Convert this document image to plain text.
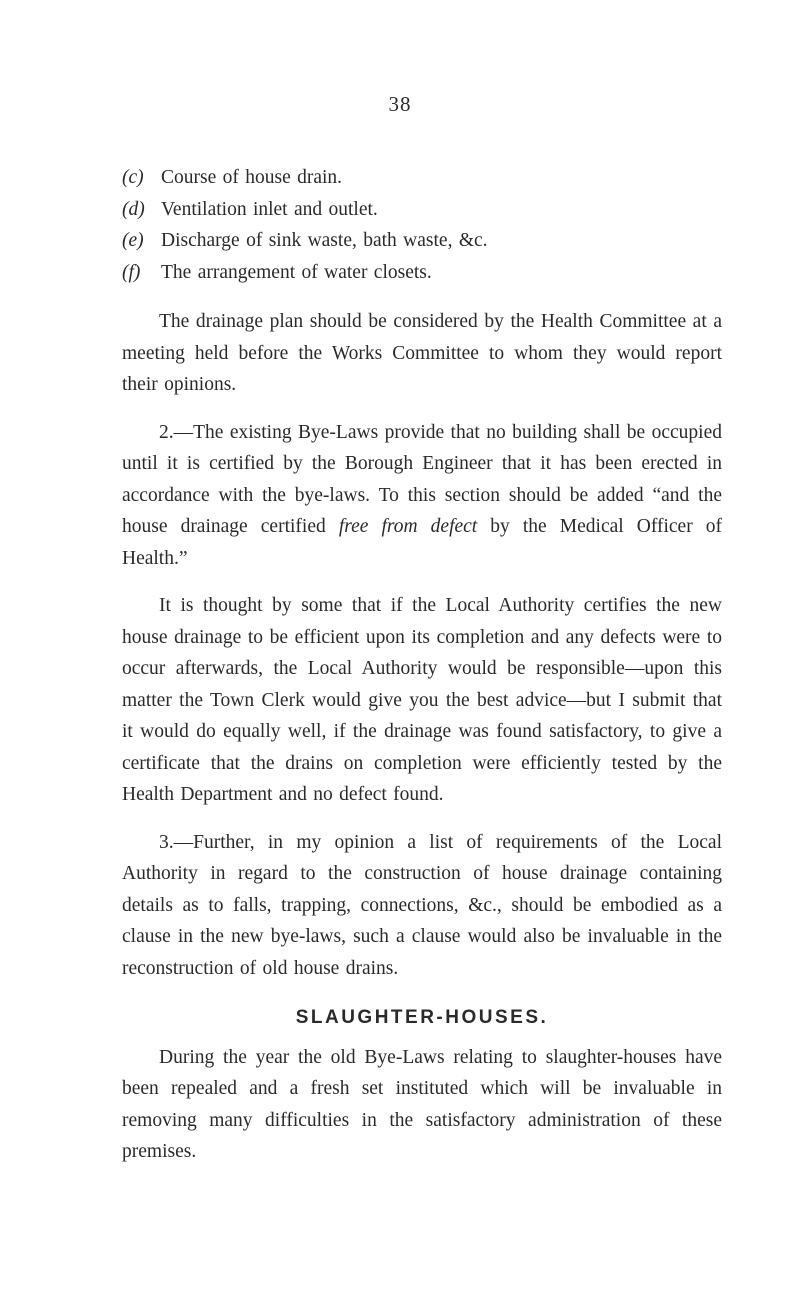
38
(c) Course of house drain.
(d) Ventilation inlet and outlet.
(e) Discharge of sink waste, bath waste, &c.
(f)	The arrangement of water closets.

The drainage plan should be considered by the Health Committee at a meeting held before the Works Committee to whom they would report their opinions.

2.—The existing Bye-Laws provide that no building shall be occupied until it is certified by the Borough Engineer that it has been erected in accordance with the bye-laws. To this section should be added “and the house drainage certified free from defect by the Medical Officer of Health.”

It is thought by some that if the Local Authority certifies the new house drainage to be efficient upon its completion and any defects were to occur afterwards, the Local Authority would be responsible—upon this matter the Town Clerk would give you the best advice—but I submit that it would do equally well, if the drainage was found satisfactory, to give a certificate that the drains on completion were efficiently tested by the Health Department and no defect found.

3.—Further, in my opinion a list of requirements of the Local Authority in regard to the construction of house drainage containing details as to falls, trapping, connections, &c., should be embodied as a clause in the new bye-laws, such a clause would also be invaluable in the reconstruction of old house drains.

SLAUGHTER-HOUSES.

During the year the old Bye-Laws relating to slaughter-houses have been repealed and a fresh set instituted which will be invaluable in removing many difficulties in the satisfactory administration of these premises.
